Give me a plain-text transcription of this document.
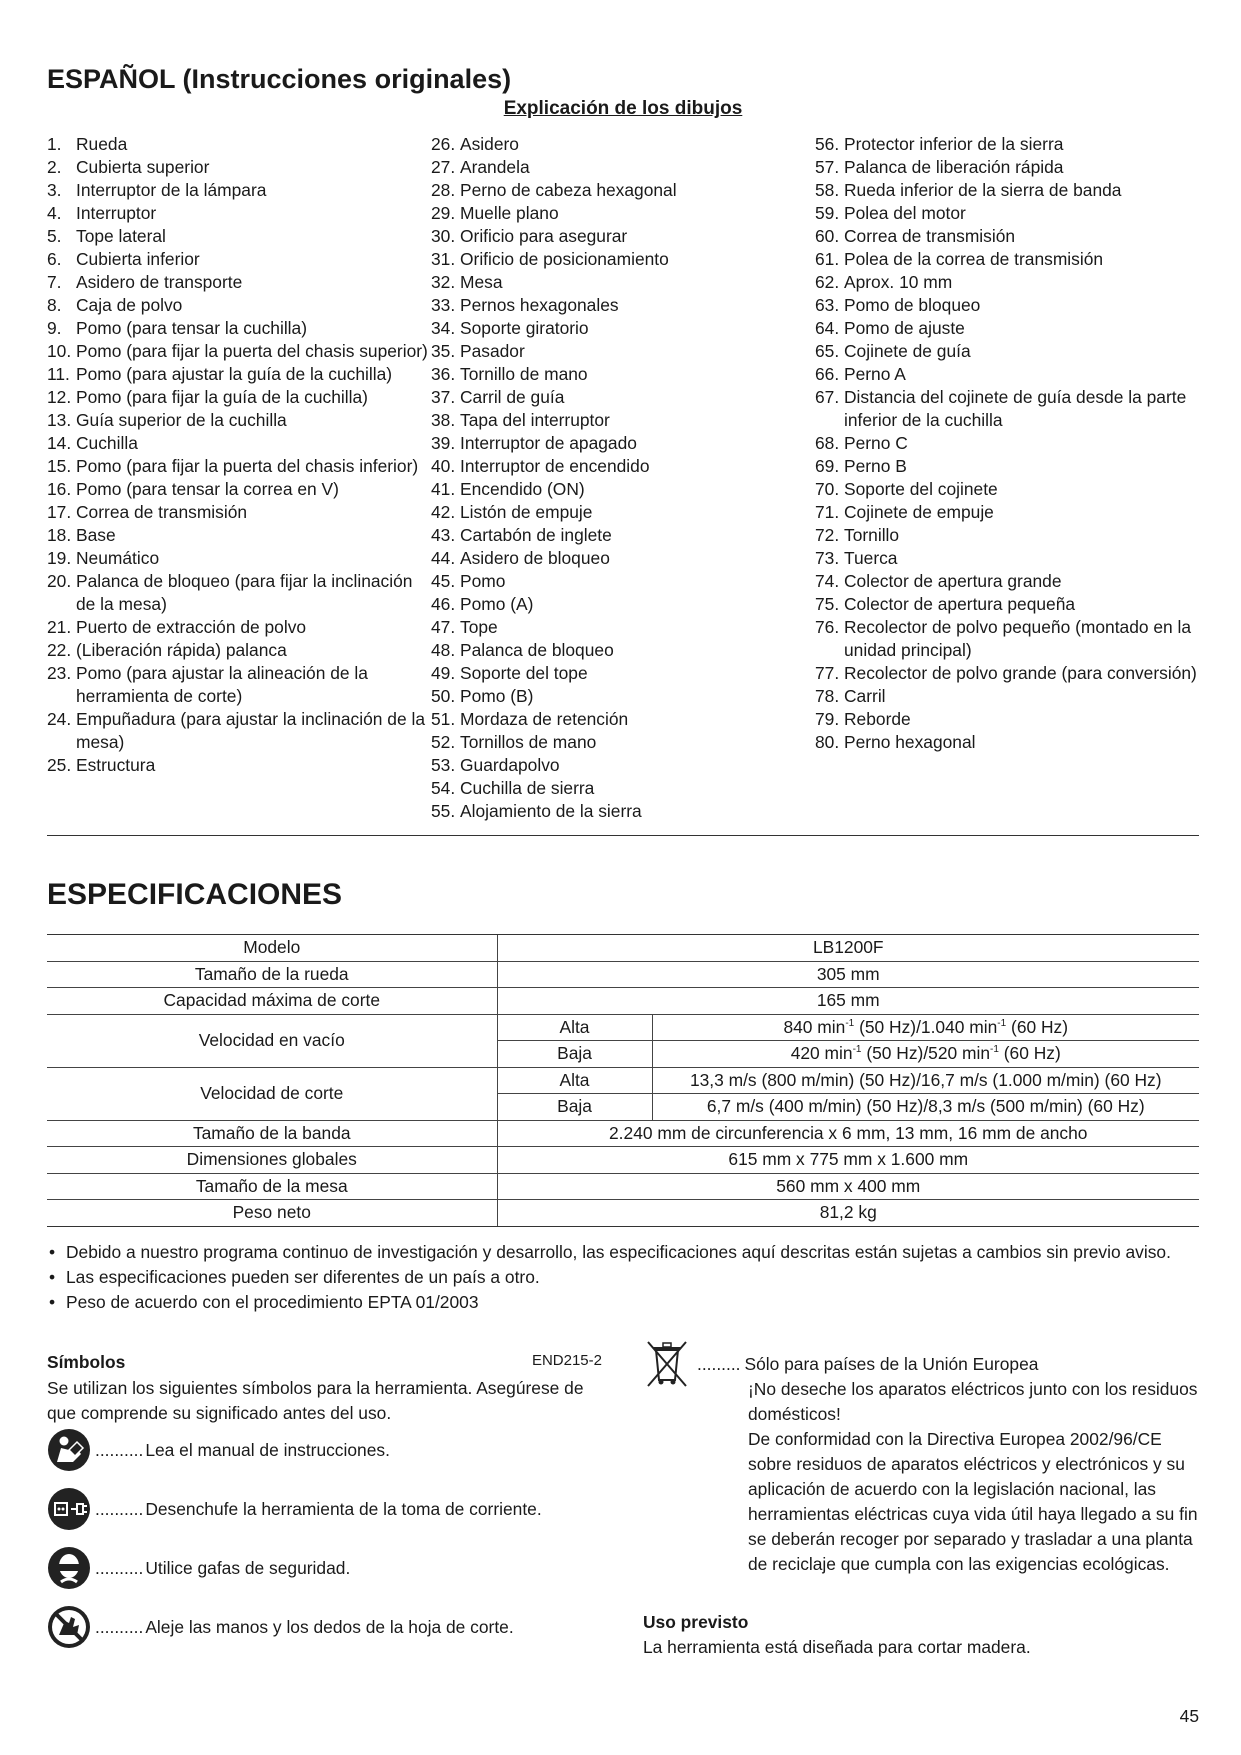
ESPAÑOL (Instrucciones originales)
Explicación de los dibujos
1. Rueda
2. Cubierta superior
3. Interruptor de la lámpara
4. Interruptor
5. Tope lateral
6. Cubierta inferior
7. Asidero de transporte
8. Caja de polvo
9. Pomo (para tensar la cuchilla)
10. Pomo (para fijar la puerta del chasis superior)
11. Pomo (para ajustar la guía de la cuchilla)
12. Pomo (para fijar la guía de la cuchilla)
13. Guía superior de la cuchilla
14. Cuchilla
15. Pomo (para fijar la puerta del chasis inferior)
16. Pomo (para tensar la correa en V)
17. Correa de transmisión
18. Base
19. Neumático
20. Palanca de bloqueo (para fijar la inclinación de la mesa)
21. Puerto de extracción de polvo
22. (Liberación rápida) palanca
23. Pomo (para ajustar la alineación de la herramienta de corte)
24. Empuñadura (para ajustar la inclinación de la mesa)
25. Estructura
26. Asidero
27. Arandela
28. Perno de cabeza hexagonal
29. Muelle plano
30. Orificio para asegurar
31. Orificio de posicionamiento
32. Mesa
33. Pernos hexagonales
34. Soporte giratorio
35. Pasador
36. Tornillo de mano
37. Carril de guía
38. Tapa del interruptor
39. Interruptor de apagado
40. Interruptor de encendido
41. Encendido (ON)
42. Listón de empuje
43. Cartabón de inglete
44. Asidero de bloqueo
45. Pomo
46. Pomo (A)
47. Tope
48. Palanca de bloqueo
49. Soporte del tope
50. Pomo (B)
51. Mordaza de retención
52. Tornillos de mano
53. Guardapolvo
54. Cuchilla de sierra
55. Alojamiento de la sierra
56. Protector inferior de la sierra
57. Palanca de liberación rápida
58. Rueda inferior de la sierra de banda
59. Polea del motor
60. Correa de transmisión
61. Polea de la correa de transmisión
62. Aprox. 10 mm
63. Pomo de bloqueo
64. Pomo de ajuste
65. Cojinete de guía
66. Perno A
67. Distancia del cojinete de guía desde la parte inferior de la cuchilla
68. Perno C
69. Perno B
70. Soporte del cojinete
71. Cojinete de empuje
72. Tornillo
73. Tuerca
74. Colector de apertura grande
75. Colector de apertura pequeña
76. Recolector de polvo pequeño (montado en la unidad principal)
77. Recolector de polvo grande (para conversión)
78. Carril
79. Reborde
80. Perno hexagonal
ESPECIFICACIONES
Modelo	LB1200F	
Tamaño de la rueda	305 mm	
Capacidad máxima de corte	165 mm	
Velocidad en vacío	Alta	840 $\min^{-1} (50$ Hz)/1.040 $\min^{-1} (60$ Hz)
	Baja	420 $\min^{-1} (50$ Hz)/520 $\min^{-1} (60$ Hz)
Velocidad de corte	Alta	13,3 m/s (800 m/min) (50 Hz)/16,7 m/s (1.000 m/min) (60 Hz)
	Baja	6,7 m/s (400 m/min) (50 Hz)/8,3 m/s (500 m/min) (60 Hz)
Tamaño de la banda	2.240 mm de circunferencia x 6 mm, 13 mm, 16 mm de ancho	
Dimensiones globales	615 mm x 775 mm x 1.600 mm	
Tamaño de la mesa	560 mm x 400 mm	
Peso neto	81,2 kg	
• Debido a nuestro programa continuo de investigación y desarrollo, las especificaciones aquí descritas están sujetas a cambios sin previo aviso.
• Las especificaciones pueden ser diferentes de un país a otro.
• Peso de acuerdo con el procedimiento EPTA 01/2003
Símbolos	END215-2
Se utilizan los siguientes símbolos para la herramienta. Asegúrese de que comprende su significado antes del uso.
.......... Lea el manual de instrucciones.
.......... Desenchufe la herramienta de la toma de corriente.
.......... Utilice gafas de seguridad.
.......... Aleje las manos y los dedos de la hoja de corte.
......... Sólo para países de la Unión Europea
¡No deseche los aparatos eléctricos junto con los residuos domésticos!
De conformidad con la Directiva Europea 2002/96/CE sobre residuos de aparatos eléctricos y electrónicos y su aplicación de acuerdo con la legislación nacional, las herramientas eléctricas cuya vida útil haya llegado a su fin se deberán recoger por separado y trasladar a una planta de reciclaje que cumpla con las exigencias ecológicas.
Uso previsto
La herramienta está diseñada para cortar madera.
45
